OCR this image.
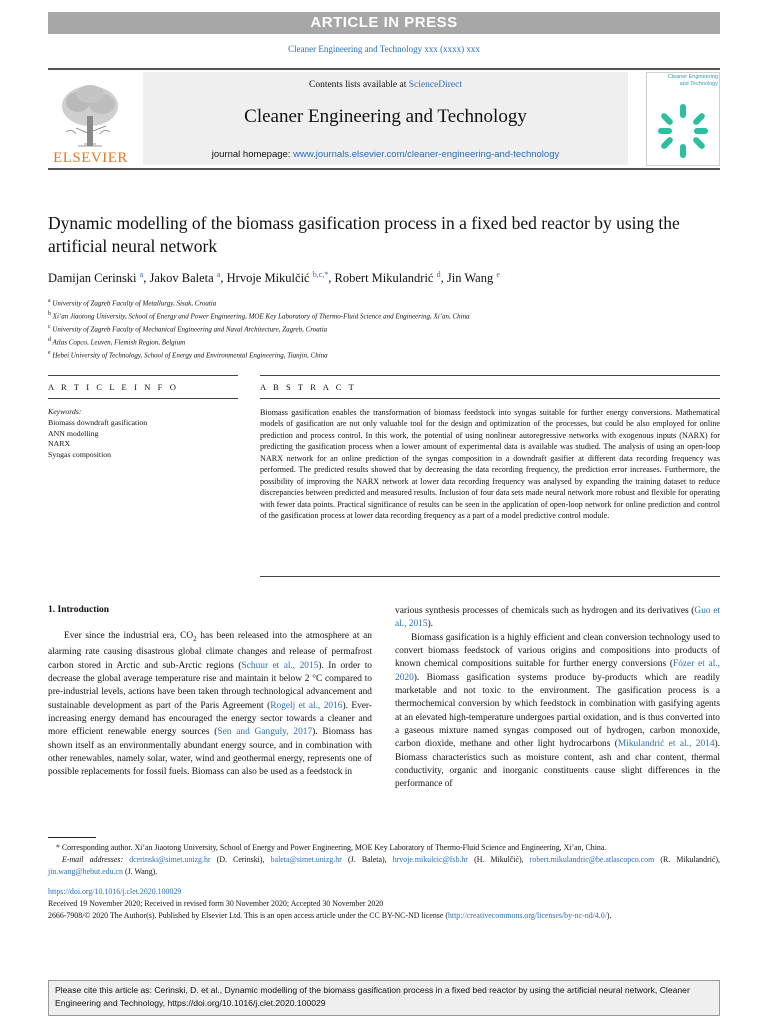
ARTICLE IN PRESS
Cleaner Engineering and Technology xxx (xxxx) xxx
ELSEVIER
Contents lists available at ScienceDirect
Cleaner Engineering and Technology
journal homepage: www.journals.elsevier.com/cleaner-engineering-and-technology
Cleaner Engineering and Technology
Dynamic modelling of the biomass gasification process in a fixed bed reactor by using the artificial neural network
Damijan Cerinski $^a$, Jakov Baleta $^a$, Hrvoje Mikulčić $^{b,c,*}$, Robert Mikulandrić $^d$, Jin Wang $^e$
$^a$ University of Zagreb Faculty of Metallurgy, Sisak, Croatia
$^b$ Xi’an Jiaotong University, School of Energy and Power Engineering, MOE Key Laboratory of Thermo-Fluid Science and Engineering, Xi’an, China
$^c$ University of Zagreb Faculty of Mechanical Engineering and Naval Architecture, Zagreb, Croatia
$^d$ Atlas Copco, Leuven, Flemish Region, Belgium
$^e$ Hebei University of Technology, School of Energy and Environmental Engineering, Tianjin, China
A R T I C L E I N F O	A B S T R A C T
Keywords:
Biomass downdraft gasification
ANN modelling
NARX
Syngas composition
Biomass gasification enables the transformation of biomass feedstock into syngas suitable for further energy conversions. Mathematical models of gasification are not only valuable tool for the design and optimization of the processes, but could be also employed for online prediction and process control. In this work, the potential of using nonlinear autoregressive networks with exogenous inputs (NARX) for predicting the gasification process when a lower amount of experimental data is available was studied. The analysis of using an open-loop NARX network for an online prediction of the syngas composition in a downdraft gasifier at different data recording frequency was performed. The predicted results showed that by decreasing the data recording frequency, the prediction error increases. Furthermore, the possibility of improving the NARX network at lower data recording frequency was analysed by expanding the training dataset to reduce discrepancies between predicted and measured results. Inclusion of four data sets made neural network more robust and flexible for operating with fewer data points. Practical significance of results can be seen in the application of open-loop network for online prediction and control of the gasification process at lower data recording frequency as a part of a model predictive control module.
1. Introduction

Ever since the industrial era, $CO_2$ has been released into the atmosphere at an alarming rate causing disastrous global climate changes and release of permafrost carbon stored in Arctic and sub-Arctic regions (Schuur et al., 2015). In order to decrease the global average temperature rise and maintain it below 2 °C compared to pre-industrial levels, actions have been taken through technological advancement and sustainable development as part of the Paris Agreement (Rogelj et al., 2016). Ever-increasing energy demand has encouraged the energy sector towards a cleaner and more efficient renewable energy sources (Sen and Ganguly, 2017). Biomass has shown itself as an environmentally abundant energy source, and in combination with other renewables, namely solar, water, wind and geothermal energy, represents one of possible replacements for fossil fuels. Biomass can also be used as a feedstock in

various synthesis processes of chemicals such as hydrogen and its derivatives (Guo et al., 2015).

Biomass gasification is a highly efficient and clean conversion technology used to convert biomass feedstock of various origins and compositions into products of known chemical compositions suitable for further energy conversions (Fózer et al., 2020). Biomass gasification systems produce by-products which are readily marketable and not toxic to the environment. The gasification process is a thermochemical conversion by which feedstock in combination with gasifying agents at an elevated high-temperature undergoes partial oxidation, and is thus converted into a gaseous mixture named syngas composed out of hydrogen, carbon monoxide, carbon dioxide, methane and other light hydrocarbons (Mikulandrić et al., 2014). Biomass characteristics such as moisture content, ash and char content, thermal conductivity, organic and inorganic constituents cause slight differences in the performance of

* Corresponding author. Xi’an Jiaotong University, School of Energy and Power Engineering, MOE Key Laboratory of Thermo-Fluid Science and Engineering, Xi’an, China.
E-mail addresses: dcerinski@simet.unizg.hr (D. Cerinski), baleta@simet.unizg.hr (J. Baleta), hrvoje.mikulcic@fsb.hr (H. Mikulčić), robert.mikulandric@be.atlascopco.com (R. Mikulandrić), jin.wang@hebut.edu.cn (J. Wang).
https://doi.org/10.1016/j.clet.2020.100029
Received 19 November 2020; Received in revised form 30 November 2020; Accepted 30 November 2020
2666-7908/© 2020 The Author(s). Published by Elsevier Ltd. This is an open access article under the CC BY-NC-ND license (http://creativecommons.org/licenses/by-nc-nd/4.0/).
Please cite this article as: Cerinski, D. et al., Dynamic modelling of the biomass gasification process in a fixed bed reactor by using the artificial neural network, Cleaner Engineering and Technology, https://doi.org/10.1016/j.clet.2020.100029
